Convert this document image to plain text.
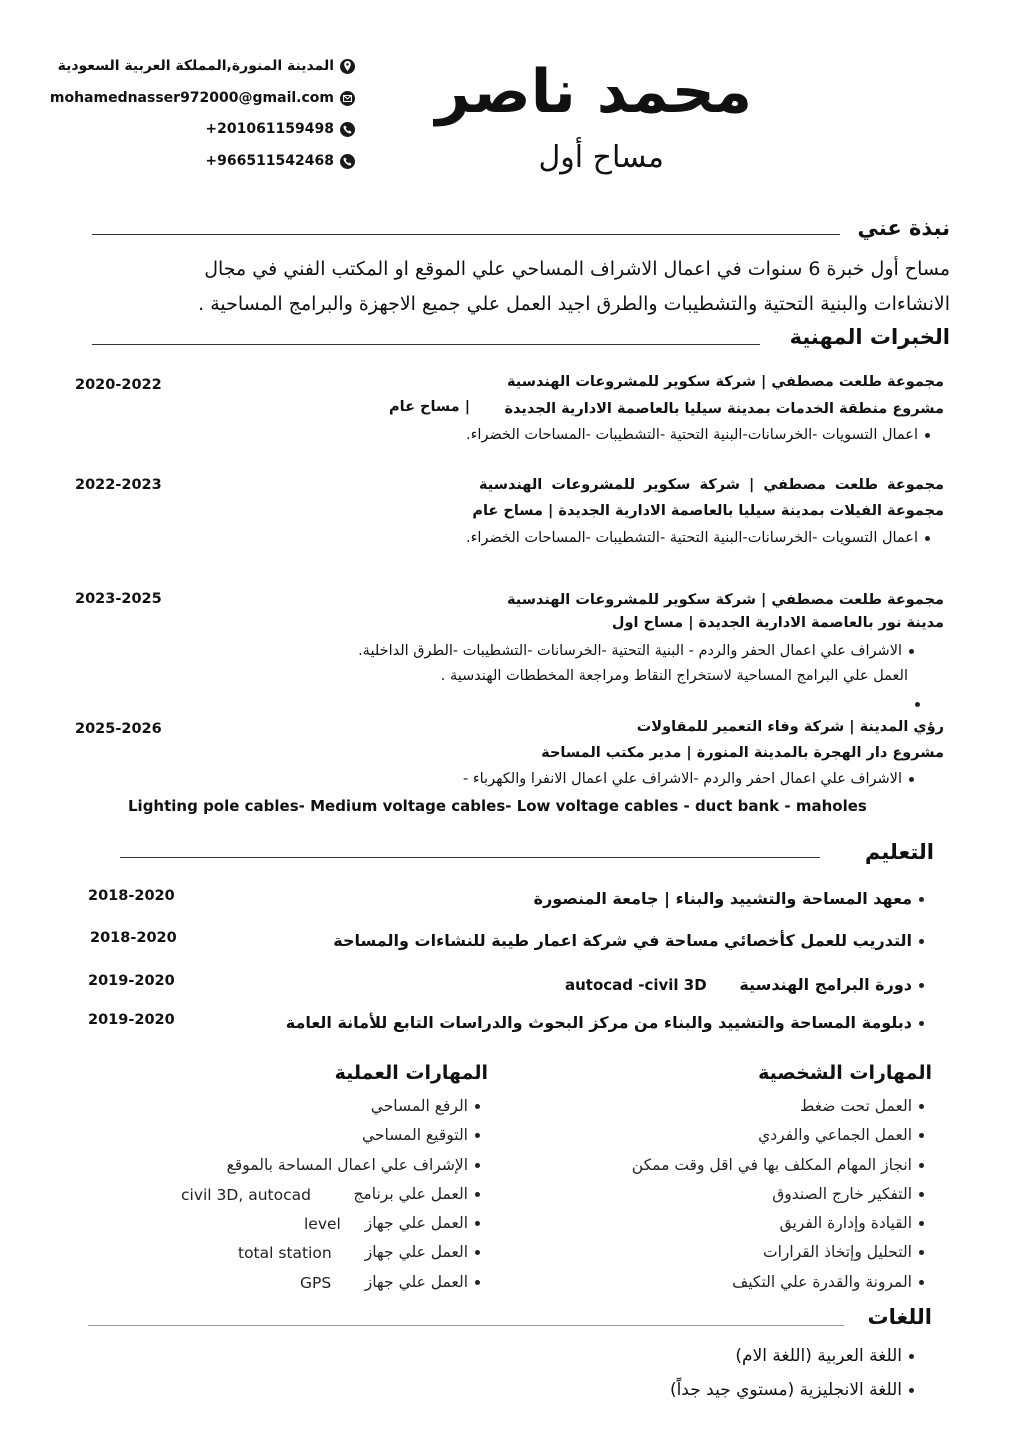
محمد ناصر
مساح أول
المدينة المنورة,المملكة العربية السعودية
mohamednasser972000@gmail.com
+201061159498
+966511542468
نبذة عني
مساح أول خبرة 6 سنوات في اعمال الاشراف المساحي علي الموقع او المكتب الفني في مجال
الانشاءات والبنية التحتية والتشطيبات والطرق اجيد العمل علي جميع الاجهزة والبرامج المساحية .
الخبرات المهنية
2020-2022	مجموعة طلعت مصطفي | شركة سكوير للمشروعات الهندسية
مشروع منطقة الخدمات بمدينة سيليا بالعاصمة الادارية الجديدة
| مساح عام
اعمال التسويات -الخرسانات-البنية التحتية -التشطيبات -المساحات الخضراء.
2022-2023	مجموعة طلعت مصطفي | شركة سكوير للمشروعات الهندسية
مجموعة الفيلات بمدينة سيليا بالعاصمة الادارية الجديدة | مساح عام
اعمال التسويات -الخرسانات-البنية التحتية -التشطيبات -المساحات الخضراء.
2023-2025	مجموعة طلعت مصطفي | شركة سكوير للمشروعات الهندسية
مدينة نور بالعاصمة الادارية الجديدة | مساح اول
الاشراف علي اعمال الحفر والردم - البنية التحتية -الخرسانات -التشطيبات -الطرق الداخلية.
العمل علي البرامج المساحية لاستخراج النقاط ومراجعة المخططات الهندسية .
2025-2026	رؤي المدينة | شركة وفاء التعمير للمقاولات
مشروع دار الهجرة بالمدينة المنورة | مدير مكتب المساحة
الاشراف علي اعمال احفر والردم -الاشراف علي اعمال الانفرا والكهرباء -
Lighting pole cables- Medium voltage cables- Low voltage cables - duct bank - maholes
التعليم
2018-2020	معهد المساحة والتشييد والبناء | جامعة المنصورة
2018-2020	التدريب للعمل كأخصائي مساحة في شركة اعمار طيبة للنشاءات والمساحة
2019-2020	دورة البرامج الهندسية
autocad -civil 3D
2019-2020	دبلومة المساحة والتشييد والبناء من مركز البحوث والدراسات التابع للأمانة العامة
المهارات الشخصية
العمل تحت ضغط
العمل الجماعي والفردي
انجاز المهام المكلف بها في اقل وقت ممكن
التفكير خارج الصندوق
القيادة وإدارة الفريق
التحليل وإتخاذ القرارات
المرونة والقدرة علي التكيف
المهارات العملية
الرفع المساحي
التوقيع المساحي
الإشراف علي اعمال المساحة بالموقع
العمل علي برنامج
civil 3D, autocad
العمل علي جهاز
level
العمل علي جهاز
total station
العمل علي جهاز
GPS
اللغات
اللغة العربية (اللغة الام)
اللغة الانجليزية (مستوي جيد جداًً)
